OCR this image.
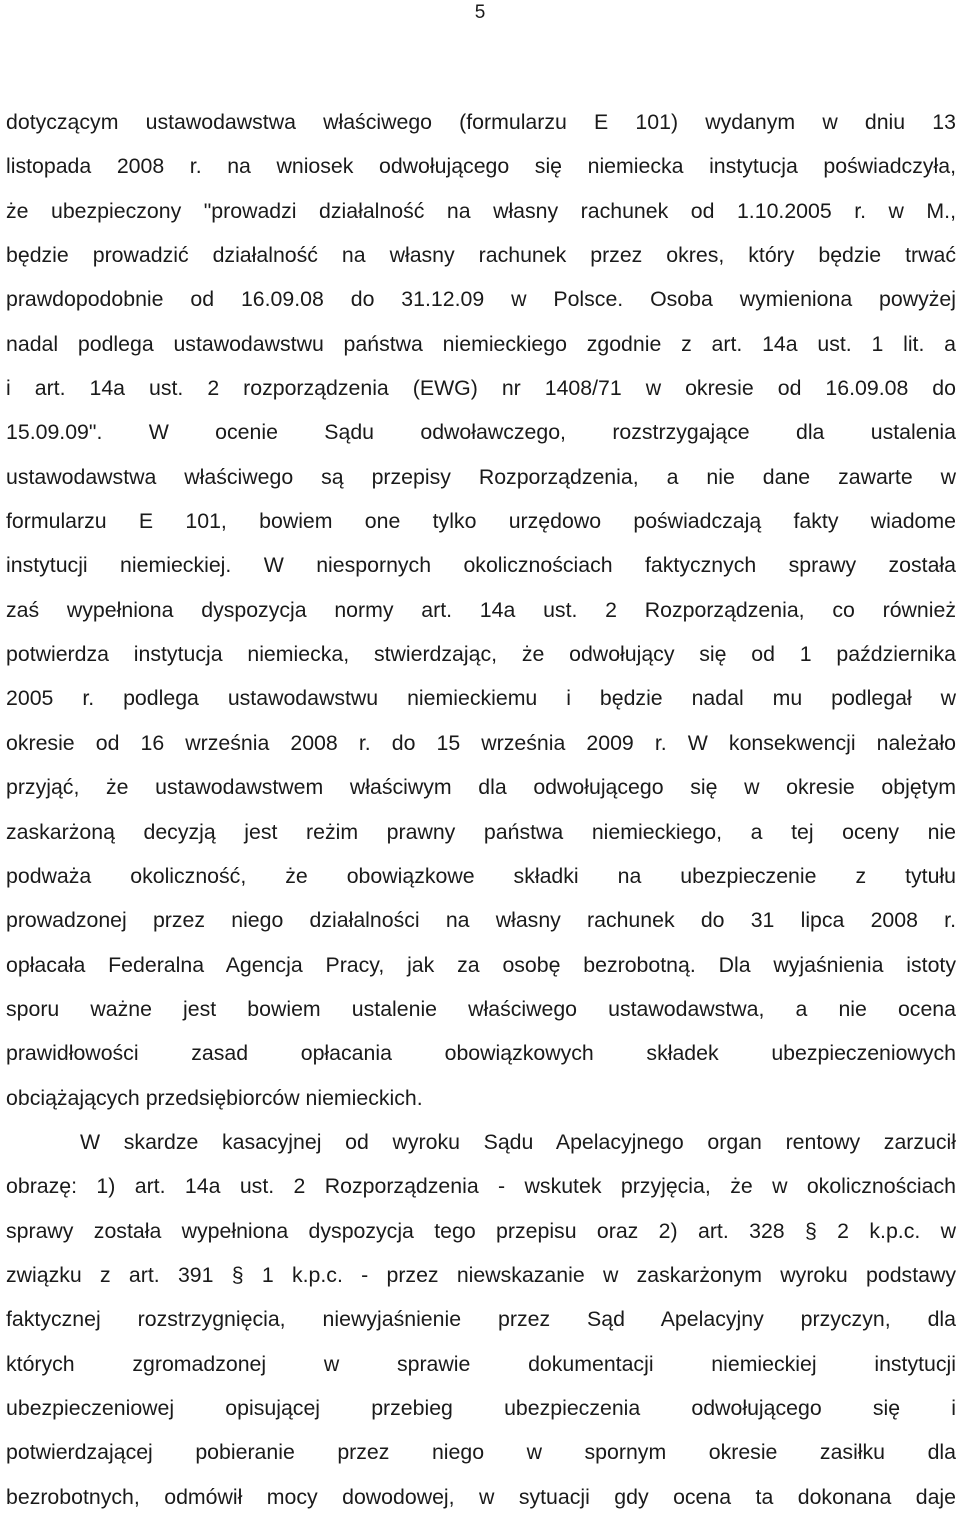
5
dotyczącym ustawodawstwa właściwego (formularzu E 101) wydanym w dniu 13
listopada 2008 r. na wniosek odwołującego się niemiecka instytucja poświadczyła,
że ubezpieczony "prowadzi działalność na własny rachunek od 1.10.2005 r. w M.,
będzie prowadzić działalność na własny rachunek przez okres, który będzie trwać
prawdopodobnie od 16.09.08 do 31.12.09 w Polsce. Osoba wymieniona powyżej
nadal podlega ustawodawstwu państwa niemieckiego zgodnie z art. 14a ust. 1 lit. a
i art. 14a ust. 2 rozporządzenia (EWG) nr 1408/71 w okresie od 16.09.08 do
15.09.09". W ocenie Sądu odwoławczego, rozstrzygające dla ustalenia
ustawodawstwa właściwego są przepisy Rozporządzenia, a nie dane zawarte w
formularzu E 101, bowiem one tylko urzędowo poświadczają fakty wiadome
instytucji niemieckiej. W niespornych okolicznościach faktycznych sprawy została
zaś wypełniona dyspozycja normy art. 14a ust. 2 Rozporządzenia, co również
potwierdza instytucja niemiecka, stwierdzając, że odwołujący się od 1 października
2005 r. podlega ustawodawstwu niemieckiemu i będzie nadal mu podlegał w
okresie od 16 września 2008 r. do 15 września 2009 r. W konsekwencji należało
przyjąć, że ustawodawstwem właściwym dla odwołującego się w okresie objętym
zaskarżoną decyzją jest reżim prawny państwa niemieckiego, a tej oceny nie
podważa okoliczność, że obowiązkowe składki na ubezpieczenie z tytułu
prowadzonej przez niego działalności na własny rachunek do 31 lipca 2008 r.
opłacała Federalna Agencja Pracy, jak za osobę bezrobotną. Dla wyjaśnienia istoty
sporu ważne jest bowiem ustalenie właściwego ustawodawstwa, a nie ocena
prawidłowości zasad opłacania obowiązkowych składek ubezpieczeniowych
obciążających przedsiębiorców niemieckich.
W skardze kasacyjnej od wyroku Sądu Apelacyjnego organ rentowy zarzucił
obrazę: 1) art. 14a ust. 2 Rozporządzenia - wskutek przyjęcia, że w okolicznościach
sprawy została wypełniona dyspozycja tego przepisu oraz 2) art. 328 § 2 k.p.c. w
związku z art. 391 § 1 k.p.c. - przez niewskazanie w zaskarżonym wyroku podstawy
faktycznej rozstrzygnięcia, niewyjaśnienie przez Sąd Apelacyjny przyczyn, dla
których zgromadzonej w sprawie dokumentacji niemieckiej instytucji
ubezpieczeniowej opisującej przebieg ubezpieczenia odwołującego się i
potwierdzającej pobieranie przez niego w spornym okresie zasiłku dla
bezrobotnych, odmówił mocy dowodowej, w sytuacji gdy ocena ta dokonana daje
